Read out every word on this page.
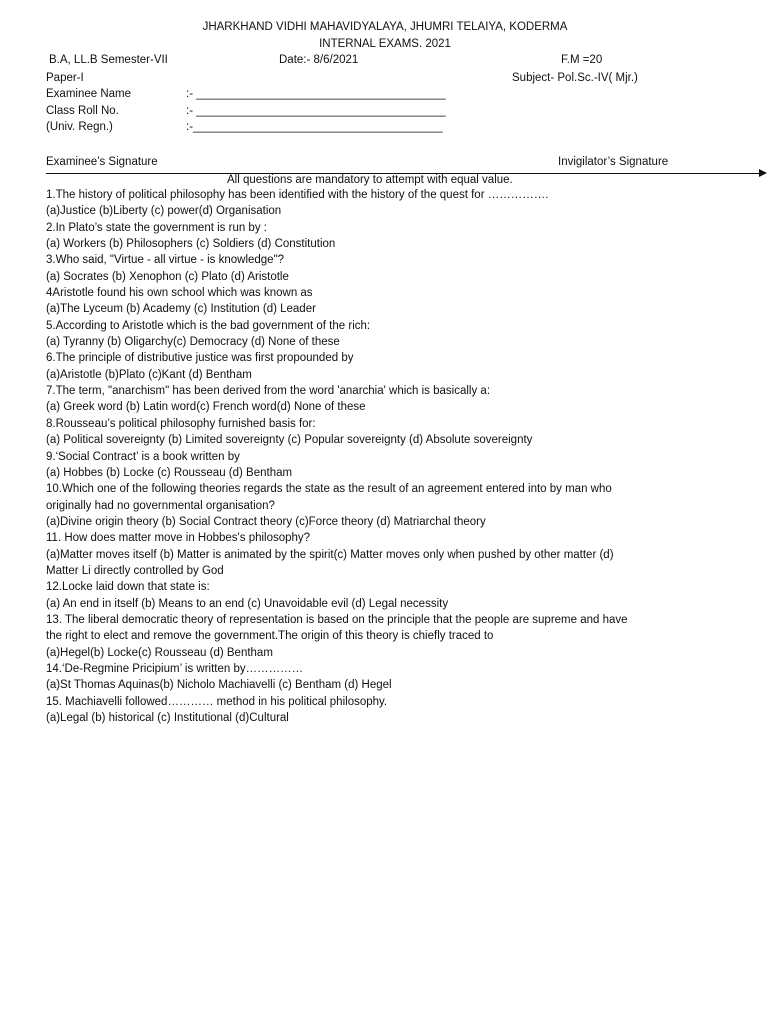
JHARKHAND VIDHI MAHAVIDYALAYA, JHUMRI TELAIYA, KODERMA
INTERNAL EXAMS. 2021
B.A, LL.B Semester-VII	Date:- 8/6/2021	F.M =20
Paper-I	Subject- Pol.Sc.-IV( Mjr.)
Examinee Name	:- _______________________________________
Class Roll No.	:- _______________________________________
(Univ. Regn.)	:-_______________________________________
Examinee’s Signature	Invigilator’s Signature
All questions are mandatory to attempt with equal value.
1.The history of political philosophy has been identified with the history of the quest for …………….
(a)Justice (b)Liberty (c) power(d) Organisation
2.In Plato’s state the government is run by :
(a) Workers (b) Philosophers (c) Soldiers (d) Constitution
3.Who said, "Virtue - all virtue - is knowledge"?
(a) Socrates (b) Xenophon (c) Plato (d) Aristotle
4Aristotle found his own school which was known as
(a)The Lyceum (b) Academy (c) Institution (d) Leader
5.According to Aristotle which is the bad government of the rich:
(a) Tyranny (b) Oligarchy(c) Democracy (d) None of these
6.The principle of distributive justice was first propounded by
(a)Aristotle (b)Plato (c)Kant (d) Bentham
7.The term, "anarchism" has been derived from the word 'anarchia' which is basically a:
(a) Greek word (b) Latin word(c) French word(d) None of these
8.Rousseau’s political philosophy furnished basis for:
(a) Political sovereignty (b) Limited sovereignty (c) Popular sovereignty (d) Absolute sovereignty
9.‘Social Contract’ is a book written by
(a) Hobbes (b) Locke (c) Rousseau (d) Bentham
10.Which one of the following theories regards the state as the result of an agreement entered into by man who
originally had no governmental organisation?
(a)Divine origin theory (b) Social Contract theory (c)Force theory (d) Matriarchal theory
11. How does matter move in Hobbes's philosophy?
(a)Matter moves itself (b) Matter is animated by the spirit(c) Matter moves only when pushed by other matter (d)
Matter Li directly controlled by God
12.Locke laid down that state is:
(a) An end in itself (b) Means to an end (c) Unavoidable evil (d) Legal necessity
13. The liberal democratic theory of representation is based on the principle that the people are supreme and have
the right to elect and remove the government.The origin of this theory is chiefly traced to
(a)Hegel(b) Locke(c) Rousseau (d) Bentham
14.‘De-Regmine Pricipium’ is written by……………
(a)St Thomas Aquinas(b) Nicholo Machiavelli (c) Bentham (d) Hegel
15. Machiavelli followed………… method in his political philosophy.
(a)Legal (b) historical (c) Institutional (d)Cultural
